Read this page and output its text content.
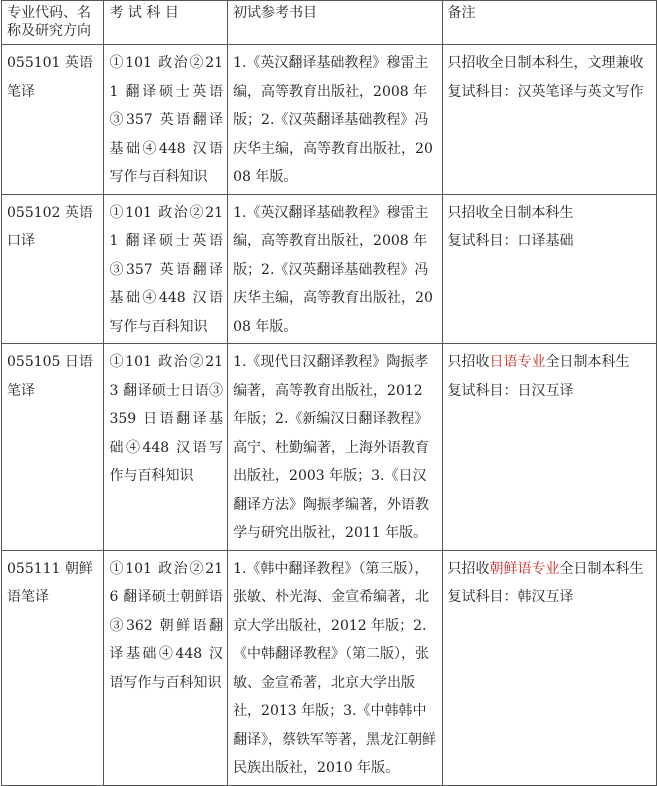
专业代码、名称及研究方向	考 试 科 目	初试参考书目	备注
055101 英语笔译	①101 政治②211 翻译硕士英语 ③357 英语翻译基础④448 汉语写作与百科知识	1.《英汉翻译基础教程》穆雷主编，高等教育出版社，2008 年版；2.《汉英翻译基础教程》冯庆华主编，高等教育出版社，2008 年版。	只招收全日制本科生，文理兼收
复试科目：汉英笔译与英文写作

055102 英语口译	①101 政治②211 翻译硕士英语 ③357 英语翻译基础④448 汉语写作与百科知识	1.《英汉翻译基础教程》穆雷主编，高等教育出版社，2008 年版；2.《汉英翻译基础教程》冯庆华主编，高等教育出版社，2008 年版。	只招收全日制本科生
复试科目：口译基础

055105 日语笔译	①101 政治②213 翻译硕士日语③359 日语翻译基础④448 汉语写作与百科知识	1.《现代日汉翻译教程》陶振孝编著，高等教育出版社，2012 年版；2.《新编汉日翻译教程》高宁、杜勤编著，上海外语教育出版社，2003 年版；3.《日汉翻译方法》陶振孝编著，外语教学与研究出版社，2011 年版。	只招收日语专业全日制本科生
复试科目：日汉互译

055111 朝鲜语笔译	①101 政治②216 翻译硕士朝鲜语③362 朝鲜语翻译基础④448 汉语写作与百科知识	1.《韩中翻译教程》（第三版），张敏、朴光海、金宣希编著，北京大学出版社，2012 年版；2.《中韩翻译教程》（第二版），张敏、金宣希著，北京大学出版社，2013 年版；3.《中韩韩中翻译》，蔡铁军等著，黑龙江朝鲜民族出版社，2010 年版。	只招收朝鲜语专业全日制本科生
复试科目：韩汉互译
